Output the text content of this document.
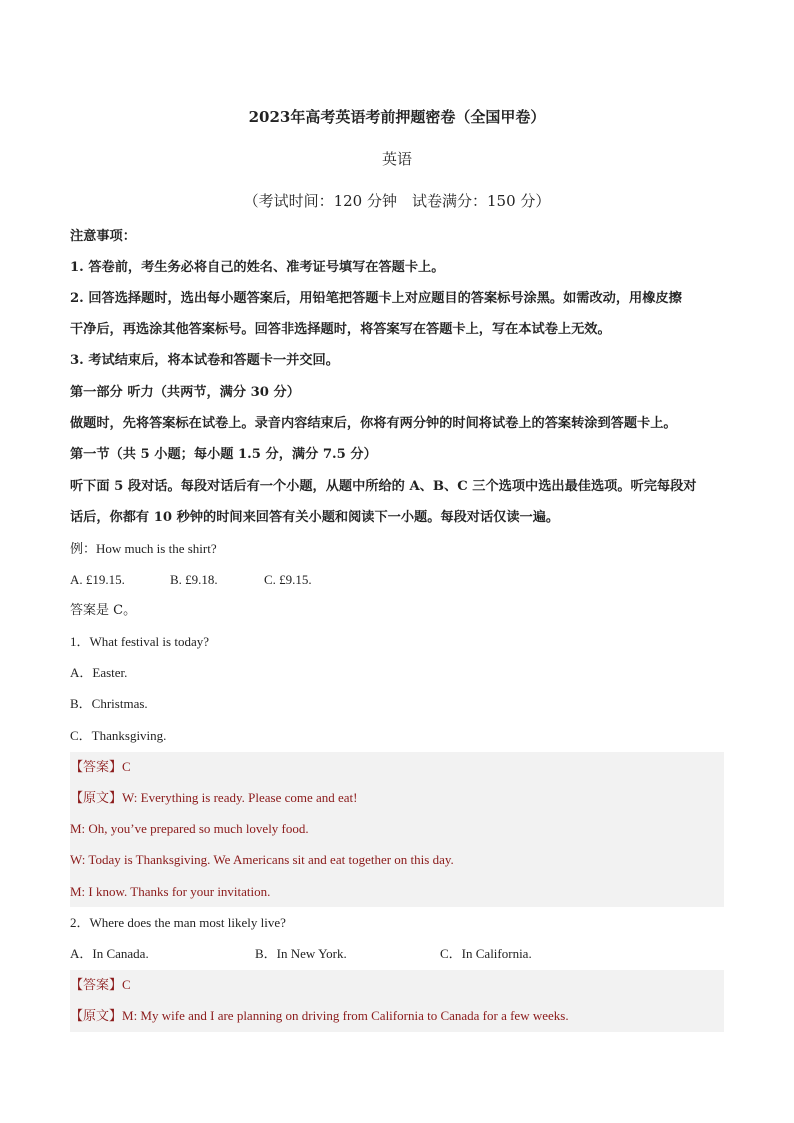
2023年高考英语考前押题密卷（全国甲卷）
英语
（考试时间：120 分钟　试卷满分：150 分）
注意事项：
1. 答卷前，考生务必将自己的姓名、准考证号填写在答题卡上。
2. 回答选择题时，选出每小题答案后，用铅笔把答题卡上对应题目的答案标号涂黑。如需改动，用橡皮擦
干净后，再选涂其他答案标号。回答非选择题时，将答案写在答题卡上，写在本试卷上无效。
3. 考试结束后，将本试卷和答题卡一并交回。
第一部分 听力（共两节，满分 30 分）
做题时，先将答案标在试卷上。录音内容结束后，你将有两分钟的时间将试卷上的答案转涂到答题卡上。
第一节（共 5 小题；每小题 1.5 分，满分 7.5 分）
听下面 5 段对话。每段对话后有一个小题，从题中所给的 A、B、C 三个选项中选出最佳选项。听完每段对
话后，你都有 10 秒钟的时间来回答有关小题和阅读下一小题。每段对话仅读一遍。
例：How much is the shirt?
A. £19.15.	B. £9.18.	C. £9.15.
答案是 C。
1．What festival is today?
A．Easter.
B．Christmas.
C．Thanksgiving.
【答案】C
【原文】W: Everything is ready. Please come and eat!
M: Oh, you’ve prepared so much lovely food.
W: Today is Thanksgiving. We Americans sit and eat together on this day.
M: I know. Thanks for your invitation.
2．Where does the man most likely live?
A．In Canada.	B．In New York.	C．In California.
【答案】C
【原文】M: My wife and I are planning on driving from California to Canada for a few weeks.
